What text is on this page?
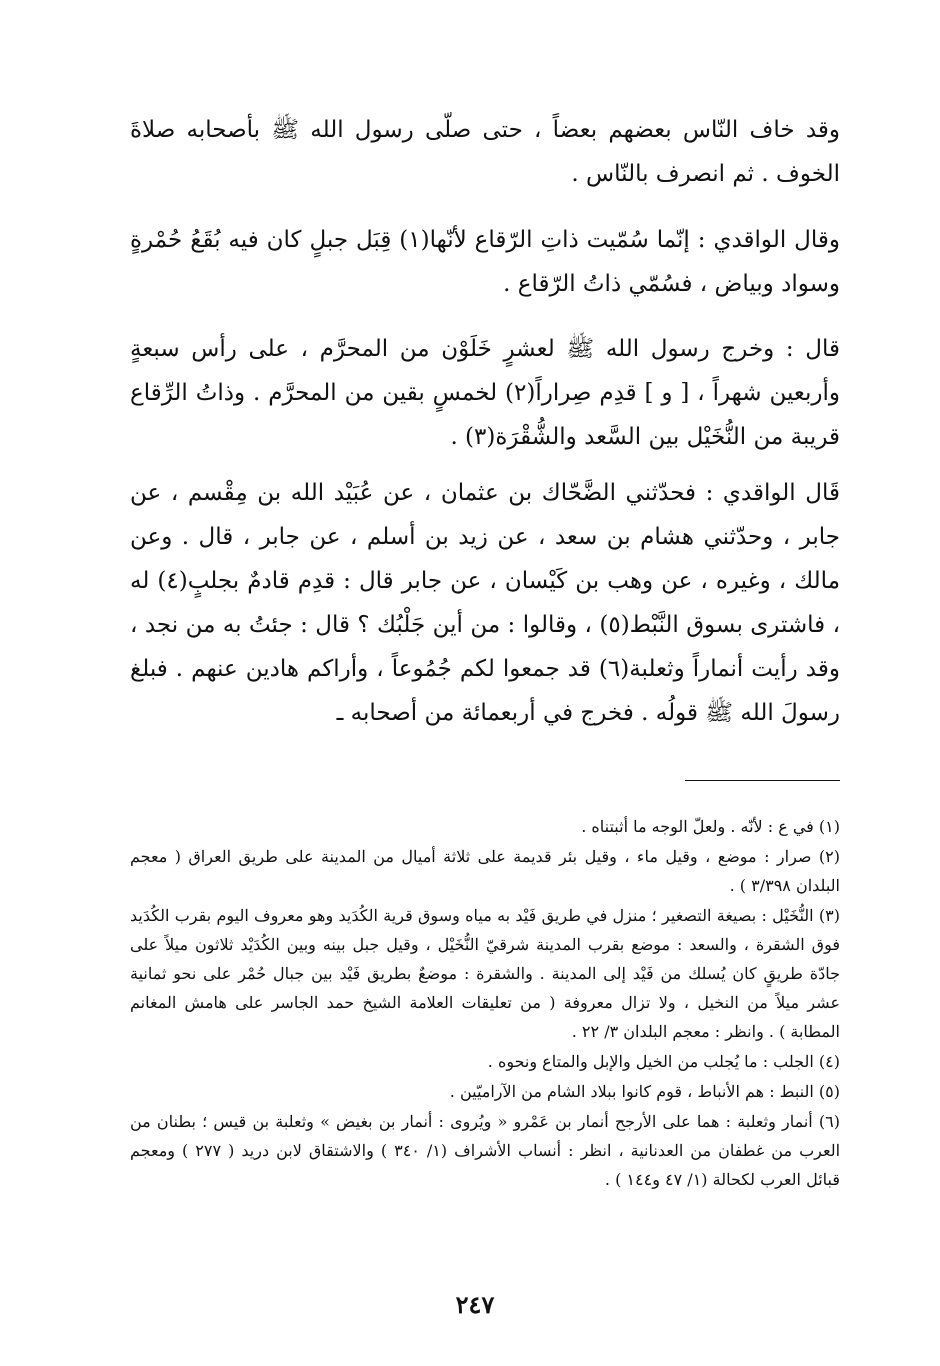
وقد خاف النّاس بعضهم بعضاً ، حتى صلّى رسول الله ﷺ بأصحابه صلاةَ الخوف . ثم انصرف بالنّاس .

وقال الواقدي : إنّما سُمّيت ذاتِ الرّقاع لأنّها(١) قِبَل جبلٍ كان فيه بُقَعُ حُمْرةٍ وسواد وبياض ، فسُمّي ذاتُ الرّقاع .

قال : وخرج رسول الله ﷺ لعشرٍ خَلَوْن من المحرَّم ، على رأس سبعةٍ وأربعين شهراً ، [ و ] قدِم صِراراً(٢) لخمسٍ بقين من المحرَّم . وذاتُ الرِّقاع قريبة من النُّخَيْل بين السَّعد والشُّقْرَة(٣) .

قَال الواقدي : فحدّثني الضَّحّاك بن عثمان ، عن عُبَيْد الله بن مِقْسم ، عن جابر ، وحدّثني هشام بن سعد ، عن زيد بن أسلم ، عن جابر ، قال . وعن مالك ، وغيره ، عن وهب بن كَيْسان ، عن جابر قال : قدِم قادمٌ بجلبٍ(٤) له ، فاشترى بسوق النَّبْط(٥) ، وقالوا : من أين جَلْبُك ؟ قال : جئتُ به من نجد ، وقد رأيت أنماراً وثعلبة(٦) قد جمعوا لكم جُمُوعاً ، وأراكم هادين عنهم . فبلغ رسولَ الله ﷺ قولُه . فخرج في أربعمائة من أصحابه ـ

(١) في ع : لأنّه . ولعلّ الوجه ما أثبتناه .

(٢) صرار : موضع ، وقيل ماء ، وقيل بئر قديمة على ثلاثة أميال من المدينة على طريق العراق ( معجم البلدان ٣/٣٩٨ ) .

(٣) النُّخَيْل : بصيغة التصغير ؛ منزل في طريق فَيْد به مياه وسوق قرية الكُدَيد وهو معروف اليوم بقرب الكُدَيد فوق الشقرة ، والسعد : موضع بقرب المدينة شرقيّ النُّخَيْل ، وقيل جبل بينه وبين الكُدَيْد ثلاثون ميلاً على جادّة طريقٍ كان يُسلك من فَيْد إلى المدينة . والشقرة : موضعٌ بطريق فَيْد بين جبال حُمْر على نحو ثمانية عشر ميلاً من النخيل ، ولا تزال معروفة ( من تعليقات العلامة الشيخ حمد الجاسر على هامش المغانم المطابة ) . وانظر : معجم البلدان ٣/ ٢٢ .

(٤) الجلب : ما يُجلب من الخيل والإبل والمتاع ونحوه .

(٥) النبط : هم الأنباط ، قوم كانوا ببلاد الشام من الآراميّين .

(٦) أنمار وثعلبة : هما على الأرجح أنمار بن عَمْرو « ويُروى : أنمار بن بغيض » وثعلبة بن قيس ؛ بطنان من العرب من غطفان من العدنانية ، انظر : أنساب الأشراف (١/ ٣٤٠ ) والاشتقاق لابن دريد ( ٢٧٧ ) ومعجم قبائل العرب لكحالة (١/ ٤٧ و١٤٤ ) .

٢٤٧
